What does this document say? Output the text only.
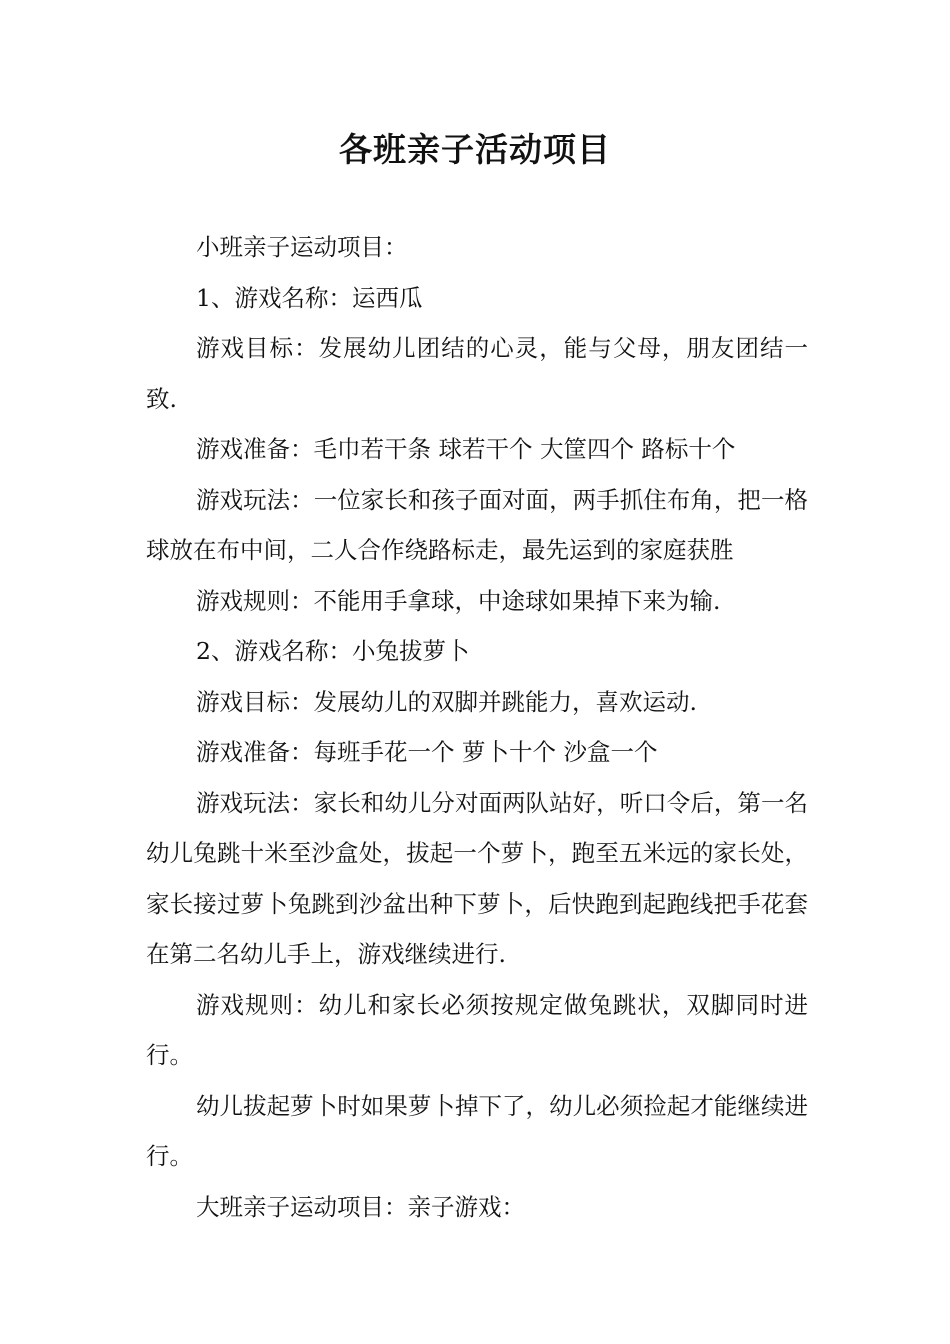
各班亲子活动项目

小班亲子运动项目：

1、游戏名称：运西瓜

游戏目标：发展幼儿团结的心灵，能与父母，朋友团结一致.

游戏准备：毛巾若干条 球若干个 大筐四个 路标十个

游戏玩法：一位家长和孩子面对面，两手抓住布角，把一格球放在布中间，二人合作绕路标走，最先运到的家庭获胜

游戏规则：不能用手拿球，中途球如果掉下来为输.

2、游戏名称：小兔拔萝卜

游戏目标：发展幼儿的双脚并跳能力，喜欢运动.

游戏准备：每班手花一个 萝卜十个 沙盒一个

游戏玩法：家长和幼儿分对面两队站好，听口令后，第一名幼儿兔跳十米至沙盒处，拔起一个萝卜，跑至五米远的家长处，家长接过萝卜兔跳到沙盆出种下萝卜，后快跑到起跑线把手花套在第二名幼儿手上，游戏继续进行.

游戏规则：幼儿和家长必须按规定做兔跳状，双脚同时进行。

幼儿拔起萝卜时如果萝卜掉下了，幼儿必须捡起才能继续进行。

大班亲子运动项目：亲子游戏：
